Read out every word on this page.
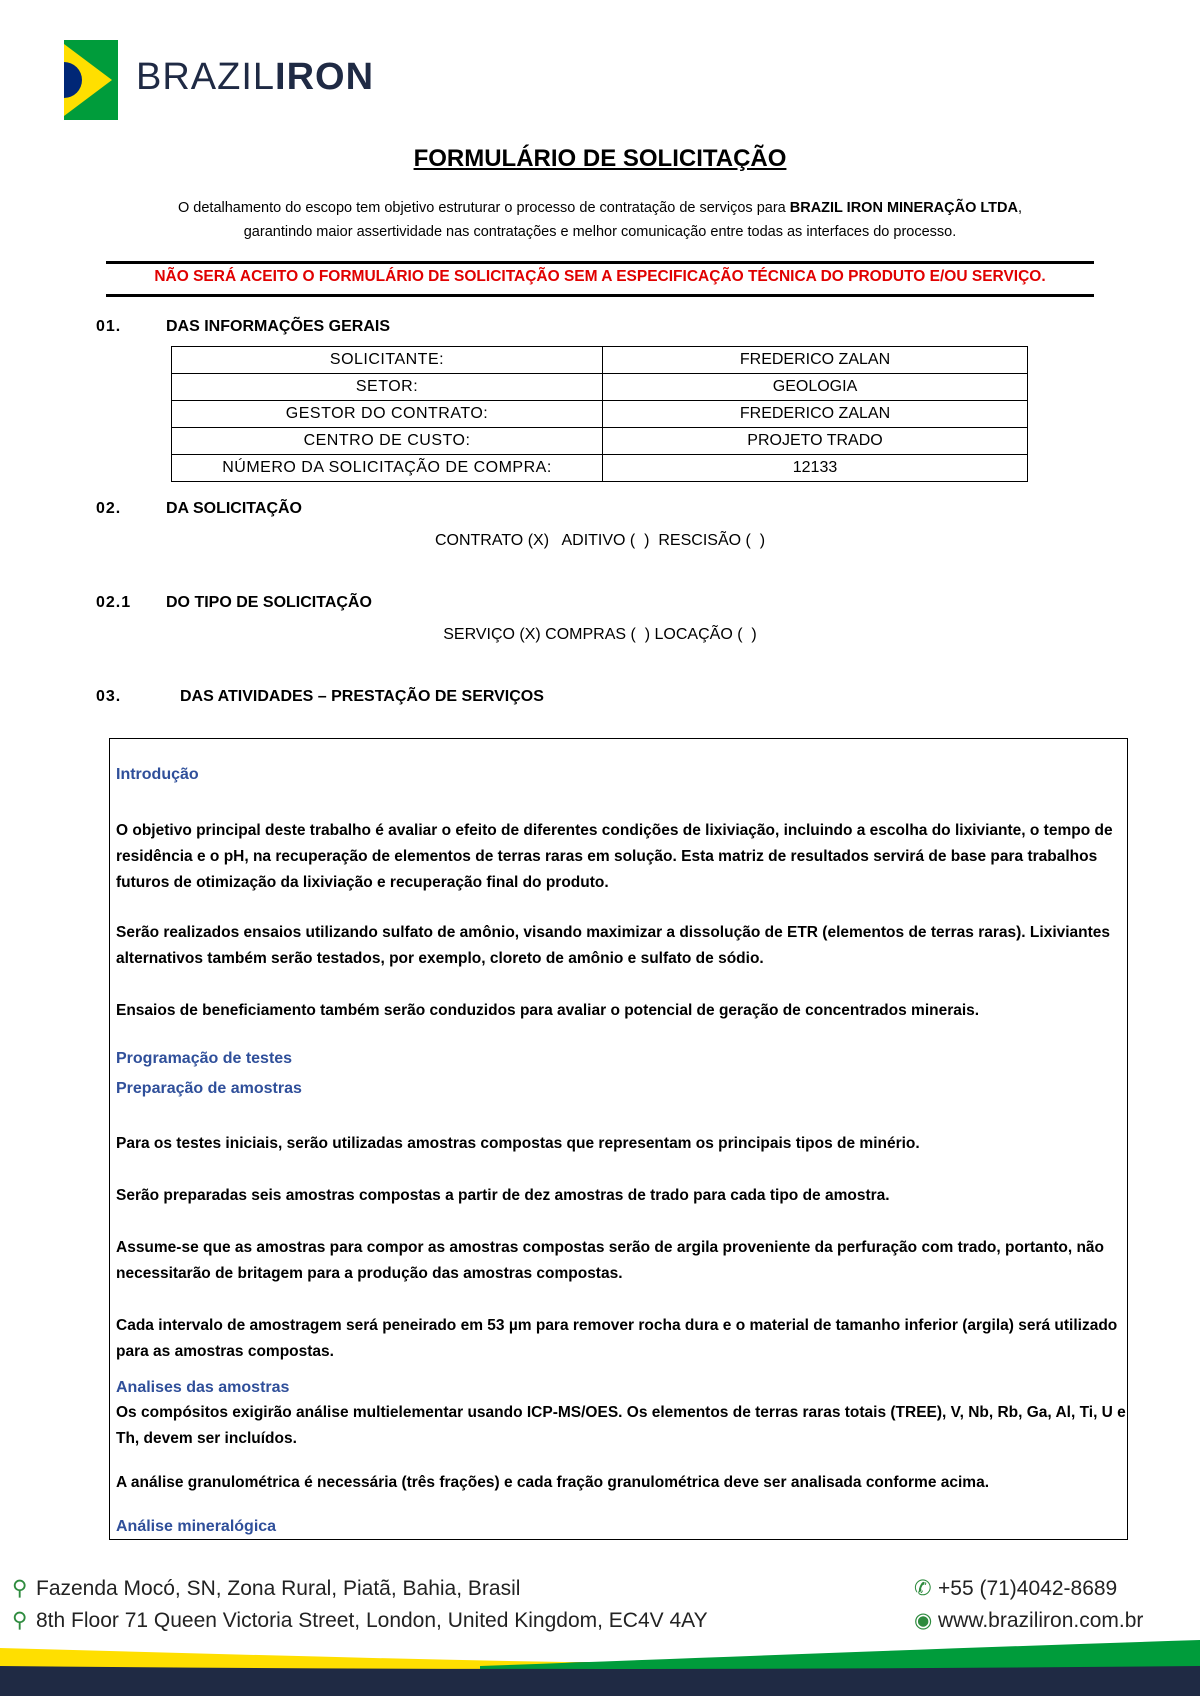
BRAZILIRON
FORMULÁRIO DE SOLICITAÇÃO
O detalhamento do escopo tem objetivo estruturar o processo de contratação de serviços para BRAZIL IRON MINERAÇÃO LTDA,
garantindo maior assertividade nas contratações e melhor comunicação entre todas as interfaces do processo.
NÃO SERÁ ACEITO O FORMULÁRIO DE SOLICITAÇÃO SEM A ESPECIFICAÇÃO TÉCNICA DO PRODUTO E/OU SERVIÇO.
01.	DAS INFORMAÇÕES GERAIS
SOLICITANTE:	FREDERICO ZALAN
SETOR:	GEOLOGIA
GESTOR DO CONTRATO:	FREDERICO ZALAN
CENTRO DE CUSTO:	PROJETO TRADO
NÚMERO DA SOLICITAÇÃO DE COMPRA:	12133
02.	DA SOLICITAÇÃO
CONTRATO (X)   ADITIVO (  )  RESCISÃO (  )
02.1 DO TIPO DE SOLICITAÇÃO
SERVIÇO (X) COMPRAS (  ) LOCAÇÃO (  )
03.	DAS ATIVIDADES – PRESTAÇÃO DE SERVIÇOS
Introdução
O objetivo principal deste trabalho é avaliar o efeito de diferentes condições de lixiviação, incluindo a escolha do lixiviante, o tempo de residência e o pH, na recuperação de elementos de terras raras em solução. Esta matriz de resultados servirá de base para trabalhos futuros de otimização da lixiviação e recuperação final do produto.
Serão realizados ensaios utilizando sulfato de amônio, visando maximizar a dissolução de ETR (elementos de terras raras). Lixiviantes alternativos também serão testados, por exemplo, cloreto de amônio e sulfato de sódio.
Ensaios de beneficiamento também serão conduzidos para avaliar o potencial de geração de concentrados minerais.
Programação de testes
Preparação de amostras
Para os testes iniciais, serão utilizadas amostras compostas que representam os principais tipos de minério.
Serão preparadas seis amostras compostas a partir de dez amostras de trado para cada tipo de amostra.
Assume-se que as amostras para compor as amostras compostas serão de argila proveniente da perfuração com trado, portanto, não necessitarão de britagem para a produção das amostras compostas.
Cada intervalo de amostragem será peneirado em 53 µm para remover rocha dura e o material de tamanho inferior (argila) será utilizado para as amostras compostas.
Analises das amostras
Os compósitos exigirão análise multielementar usando ICP-MS/OES. Os elementos de terras raras totais (TREE), V, Nb, Rb, Ga, Al, Ti, U e Th, devem ser incluídos.
A análise granulométrica é necessária (três frações) e cada fração granulométrica deve ser analisada conforme acima.
Análise mineralógica
⚲ Fazenda Mocó, SN, Zona Rural, Piatã, Bahia, Brasil
⚲ 8th Floor 71 Queen Victoria Street, London, United Kingdom, EC4V 4AY
✆ +55 (71)4042-8689
◉ www.braziliron.com.br
